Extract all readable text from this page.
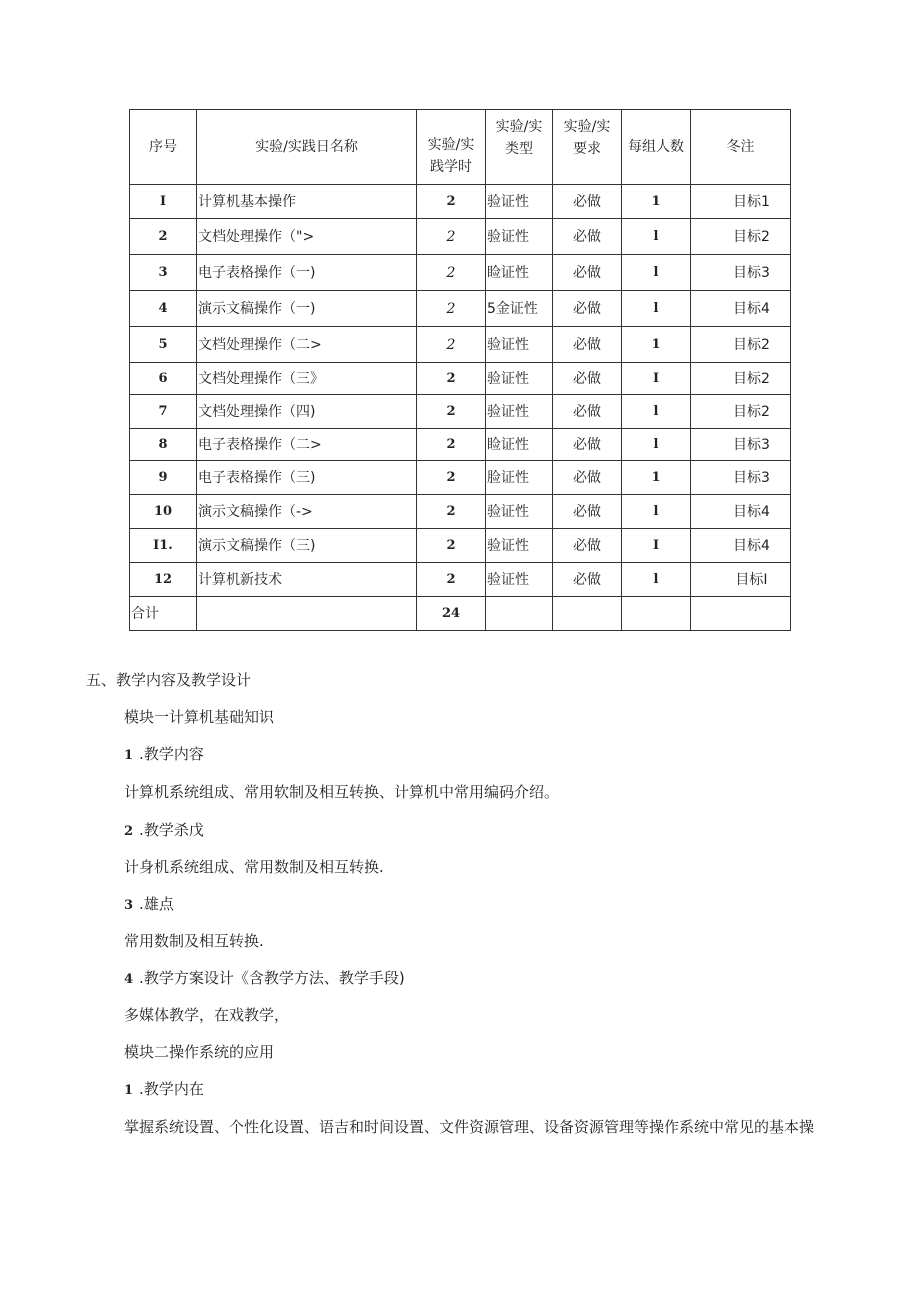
序号	实验/实践日名称	实验/实践学时	实验/实类型	实验/实要求	每组人数	冬注
I	计算机基本操作	2	验证性	必做	1	目标1
2	文档处理操作（">	2	验证性	必做	l	目标2
3	电子表格操作（一)	2	睑证性	必做	l	目标3
4	演示文稿操作（一)	2	5金证性	必做	l	目标4
5	文档处理操作（二>	2	验证性	必做	1	目标2
6	文档处理操作（三》	2	验证性	必做	I	目标2
7	文档处理操作（四)	2	验证性	必做	l	目标2
8	电子表格操作（二>	2	睑证性	必做	l	目标3
9	电子表格操作（三)	2	脸证性	必做	1	目标3
10	演示文稿操作（->	2	验证性	必做	l	目标4
I1.	演示文稿操作（三)	2	验证性	必做	I	目标4
12	计算机新技术	2	验证性	必做	l	目标I
合计		24				
五、教学内容及教学设计
模块一计算机基础知识
1 .教学内容
计算机系统组成、常用软制及相互转换、计算机中常用编码介绍。
2 .教学杀戊
计身机系统组成、常用数制及相互转换.
3 .雄点
常用数制及相互转换.
4 .教学方案设计《含教学方法、教学手段)
多媒体教学，在戏教学，
模块二操作系统的应用
1 .教学内在
掌握系统设置、个性化设置、语吉和时间设置、文件资源管理、设备资源管理等操作系统中常见的基本操
